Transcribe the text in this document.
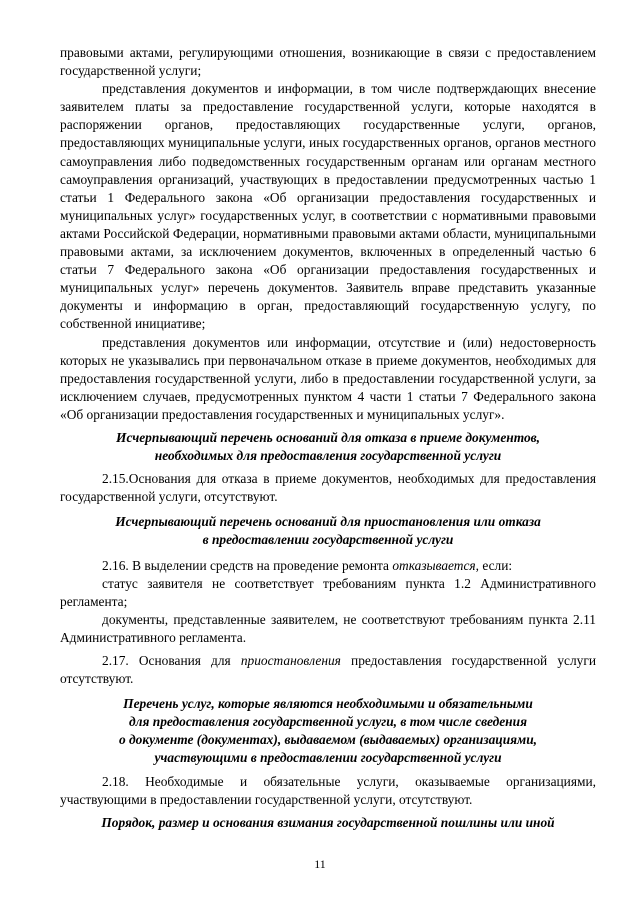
правовыми актами, регулирующими отношения, возникающие в связи с предоставлением государственной услуги;

представления документов и информации, в том числе подтверждающих внесение заявителем платы за предоставление государственной услуги, которые находятся в распоряжении органов, предоставляющих государственные услуги, органов, предоставляющих муниципальные услуги, иных государственных органов, органов местного самоуправления либо подведомственных государственным органам или органам местного самоуправления организаций, участвующих в предоставлении предусмотренных частью 1 статьи 1 Федерального закона «Об организации предоставления государственных и муниципальных услуг» государственных услуг, в соответствии с нормативными правовыми актами Российской Федерации, нормативными правовыми актами области, муниципальными правовыми актами, за исключением документов, включенных в определенный частью 6 статьи 7 Федерального закона «Об организации предоставления государственных и муниципальных услуг» перечень документов. Заявитель вправе представить указанные документы и информацию в орган, предоставляющий государственную услугу, по собственной инициативе;

представления документов или информации, отсутствие и (или) недостоверность которых не указывались при первоначальном отказе в приеме документов, необходимых для предоставления государственной услуги, либо в предоставлении государственной услуги, за исключением случаев, предусмотренных пунктом 4 части 1 статьи 7 Федерального закона «Об организации предоставления государственных и муниципальных услуг».

Исчерпывающий перечень оснований для отказа в приеме документов,
необходимых для предоставления государственной услуги

2.15.Основания для отказа в приеме документов, необходимых для предоставления государственной услуги, отсутствуют.

Исчерпывающий перечень оснований для приостановления или отказа
в предоставлении государственной услуги

2.16. В выделении средств на проведение ремонта отказывается, если:

статус заявителя не соответствует требованиям пункта 1.2 Административного регламента;

документы, представленные заявителем, не соответствуют требованиям пункта 2.11 Административного регламента.

2.17. Основания для приостановления предоставления государственной услуги отсутствуют.

Перечень услуг, которые являются необходимыми и обязательными
для предоставления государственной услуги, в том числе сведения
о документе (документах), выдаваемом (выдаваемых) организациями,
участвующими в предоставлении государственной услуги

2.18. Необходимые и обязательные услуги, оказываемые организациями, участвующими в предоставлении государственной услуги, отсутствуют.

Порядок, размер и основания взимания государственной пошлины или иной
11
